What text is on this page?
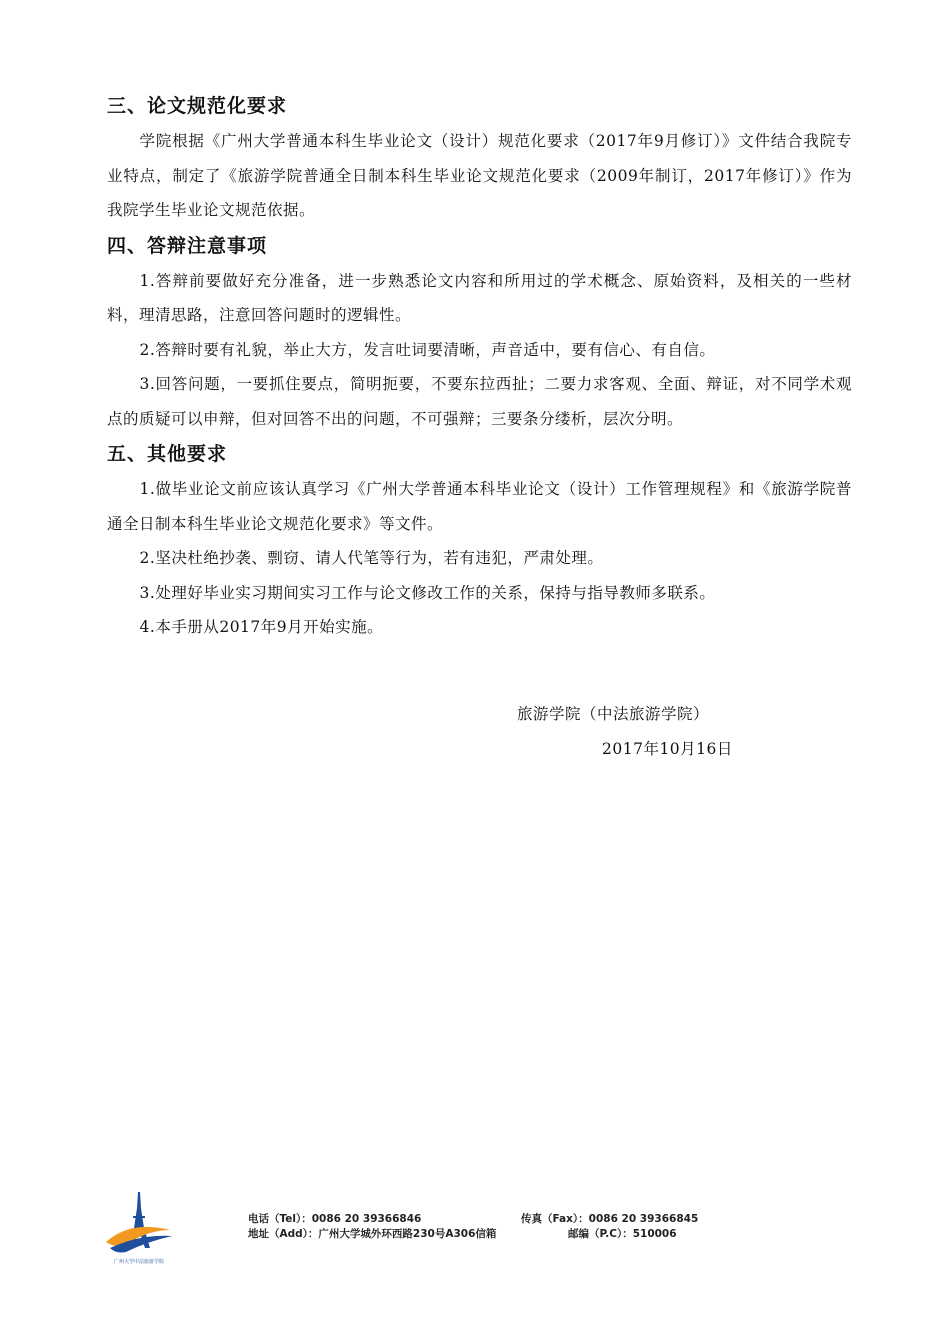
三、论文规范化要求

学院根据《广州大学普通本科生毕业论文（设计）规范化要求（2017年9月修订）》文件结合我院专业特点，制定了《旅游学院普通全日制本科生毕业论文规范化要求（2009年制订，2017年修订）》作为我院学生毕业论文规范依据。

四、答辩注意事项

1.答辩前要做好充分准备，进一步熟悉论文内容和所用过的学术概念、原始资料，及相关的一些材料，理清思路，注意回答问题时的逻辑性。

2.答辩时要有礼貌，举止大方，发言吐词要清晰，声音适中，要有信心、有自信。

3.回答问题，一要抓住要点，简明扼要，不要东拉西扯；二要力求客观、全面、辩证，对不同学术观点的质疑可以申辩，但对回答不出的问题，不可强辩；三要条分缕析，层次分明。

五、其他要求

1.做毕业论文前应该认真学习《广州大学普通本科毕业论文（设计）工作管理规程》和《旅游学院普通全日制本科生毕业论文规范化要求》等文件。

2.坚决杜绝抄袭、剽窃、请人代笔等行为，若有违犯，严肃处理。

3.处理好毕业实习期间实习工作与论文修改工作的关系，保持与指导教师多联系。

4.本手册从2017年9月开始实施。

旅游学院（中法旅游学院）
2017年10月16日
广州大学中法旅游学院
电话（Tel）：0086 20 39366846	传真（Fax）：0086 20 39366845
地址（Add）：广州大学城外环西路230号A306信箱	邮编（P.C）：510006
